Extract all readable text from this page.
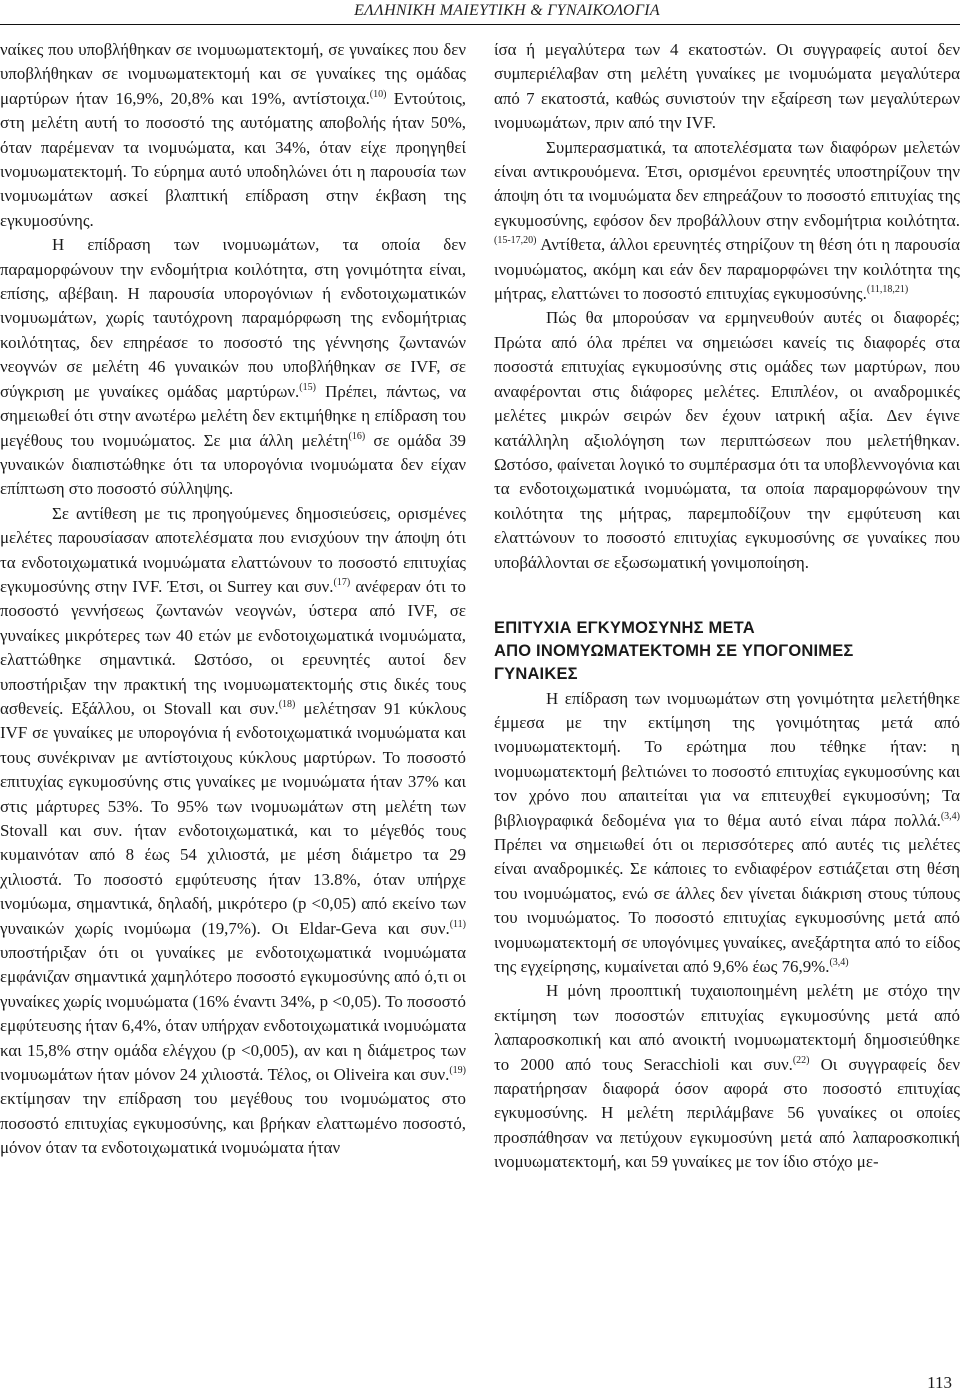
ΕΛΛΗΝΙΚΗ ΜΑΙΕΥΤΙΚΗ & ΓΥΝΑΙΚΟΛΟΓΙΑ

ναίκες που υποβλήθηκαν σε ινομυωματεκτομή, σε γυναίκες που δεν υποβλήθηκαν σε ινομυωματεκτομή και σε γυναίκες της ομάδας μαρτύρων ήταν 16,9%, 20,8% και 19%, αντίστοιχα.$^{(10)}$ Εντούτοις, στη μελέτη αυτή το ποσοστό της αυτόματης αποβολής ήταν 50%, όταν παρέμεναν τα ινομυώματα, και 34%, όταν είχε προηγηθεί ινομυωματεκτομή. Το εύρημα αυτό υποδηλώνει ότι η παρουσία των ινομυωμάτων ασκεί βλαπτική επίδραση στην έκβαση της εγκυμοσύνης.

Η επίδραση των ινομυωμάτων, τα οποία δεν παραμορφώνουν την ενδομήτρια κοιλότητα, στη γονιμότητα είναι, επίσης, αβέβαιη. Η παρουσία υπορογόνιων ή ενδοτοιχωματικών ινομυωμάτων, χωρίς ταυτόχρονη παραμόρφωση της ενδομήτριας κοιλότητας, δεν επηρέασε το ποσοστό της γέννησης ζωντανών νεογνών σε μελέτη 46 γυναικών που υποβλήθηκαν σε IVF, σε σύγκριση με γυναίκες ομάδας μαρτύρων.$^{(15)}$ Πρέπει, πάντως, να σημειωθεί ότι στην ανωτέρω μελέτη δεν εκτιμήθηκε η επίδραση του μεγέθους του ινομυώματος. Σε μια άλλη μελέτη$^{(16)}$ σε ομάδα 39 γυναικών διαπιστώθηκε ότι τα υπορογόνια ινομυώματα δεν είχαν επίπτωση στο ποσοστό σύλληψης.

Σε αντίθεση με τις προηγούμενες δημοσιεύσεις, ορισμένες μελέτες παρουσίασαν αποτελέσματα που ενισχύουν την άποψη ότι τα ενδοτοιχωματικά ινομυώματα ελαττώνουν το ποσοστό επιτυχίας εγκυμοσύνης στην IVF. Έτσι, οι Surrey και συν.$^{(17)}$ ανέφεραν ότι το ποσοστό γεννήσεως ζωντανών νεογνών, ύστερα από IVF, σε γυναίκες μικρότερες των 40 ετών με ενδοτοιχωματικά ινομυώματα, ελαττώθηκε σημαντικά. Ωστόσο, οι ερευνητές αυτοί δεν υποστήριξαν την πρακτική της ινομυωματεκτομής στις δικές τους ασθενείς. Εξάλλου, οι Stovall και συν.$^{(18)}$ μελέτησαν 91 κύκλους IVF σε γυναίκες με υπορογόνια ή ενδοτοιχωματικά ινομυώματα και τους συνέκριναν με αντίστοιχους κύκλους μαρτύρων. Το ποσοστό επιτυχίας εγκυμοσύνης στις γυναίκες με ινομυώματα ήταν 37% και στις μάρτυρες 53%. Το 95% των ινομυωμάτων στη μελέτη των Stovall και συν. ήταν ενδοτοιχωματικά, και το μέγεθός τους κυμαινόταν από 8 έως 54 χιλιοστά, με μέση διάμετρο τα 29 χιλιοστά. Το ποσοστό εμφύτευσης ήταν 13.8%, όταν υπήρχε ινομύωμα, σημαντικά, δηλαδή, μικρότερο (p <0,05) από εκείνο των γυναικών χωρίς ινομύωμα (19,7%). Οι Eldar-Geva και συν.$^{(11)}$ υποστήριξαν ότι οι γυναίκες με ενδοτοιχωματικά ινομυώματα εμφάνιζαν σημαντικά χαμηλότερο ποσοστό εγκυμοσύνης από ό,τι οι γυναίκες χωρίς ινομυώματα (16% έναντι 34%, p <0,05). Το ποσοστό εμφύτευσης ήταν 6,4%, όταν υπήρχαν ενδοτοιχωματικά ινομυώματα και 15,8% στην ομάδα ελέγχου (p <0,005), αν και η διάμετρος των ινομυωμάτων ήταν μόνον 24 χιλιοστά. Τέλος, οι Oliveira και συν.$^{(19)}$ εκτίμησαν την επίδραση του μεγέθους του ινομυώματος στο ποσοστό επιτυχίας εγκυμοσύνης, και βρήκαν ελαττωμένο ποσοστό, μόνον όταν τα ενδοτοιχωματικά ινομυώματα ήταν

ίσα ή μεγαλύτερα των 4 εκατοστών. Οι συγγραφείς αυτοί δεν συμπεριέλαβαν στη μελέτη γυναίκες με ινομυώματα μεγαλύτερα από 7 εκατοστά, καθώς συνιστούν την εξαίρεση των μεγαλύτερων ινομυωμάτων, πριν από την IVF.

Συμπερασματικά, τα αποτελέσματα των διαφόρων μελετών είναι αντικρουόμενα. Έτσι, ορισμένοι ερευνητές υποστηρίζουν την άποψη ότι τα ινομυώματα δεν επηρεάζουν το ποσοστό επιτυχίας της εγκυμοσύνης, εφόσον δεν προβάλλουν στην ενδομήτρια κοιλότητα.$^{(15-17,20)}$ Αντίθετα, άλλοι ερευνητές στηρίζουν τη θέση ότι η παρουσία ινομυώματος, ακόμη και εάν δεν παραμορφώνει την κοιλότητα της μήτρας, ελαττώνει το ποσοστό επιτυχίας εγκυμοσύνης.$^{(11,18,21)}$

Πώς θα μπορούσαν να ερμηνευθούν αυτές οι διαφορές; Πρώτα από όλα πρέπει να σημειώσει κανείς τις διαφορές στα ποσοστά επιτυχίας εγκυμοσύνης στις ομάδες των μαρτύρων, που αναφέρονται στις διάφορες μελέτες. Επιπλέον, οι αναδρομικές μελέτες μικρών σειρών δεν έχουν ιατρική αξία. Δεν έγινε κατάλληλη αξιολόγηση των περιπτώσεων που μελετήθηκαν. Ωστόσο, φαίνεται λογικό το συμπέρασμα ότι τα υποβλεννογόνια και τα ενδοτοιχωματικά ινομυώματα, τα οποία παραμορφώνουν την κοιλότητα της μήτρας, παρεμποδίζουν την εμφύτευση και ελαττώνουν το ποσοστό επιτυχίας εγκυμοσύνης σε γυναίκες που υποβάλλονται σε εξωσωματική γονιμοποίηση.

ΕΠΙΤΥΧΙΑ ΕΓΚΥΜΟΣΥΝΗΣ ΜΕΤΑ
ΑΠΟ ΙΝΟΜΥΩΜΑΤΕΚΤΟΜΗ ΣΕ ΥΠΟΓΟΝΙΜΕΣ
ΓΥΝΑΙΚΕΣ

Η επίδραση των ινομυωμάτων στη γονιμότητα μελετήθηκε έμμεσα με την εκτίμηση της γονιμότητας μετά από ινομυωματεκτομή. Το ερώτημα που τέθηκε ήταν: η ινομυωματεκτομή βελτιώνει το ποσοστό επιτυχίας εγκυμοσύνης και τον χρόνο που απαιτείται για να επιτευχθεί εγκυμοσύνη; Τα βιβλιογραφικά δεδομένα για το θέμα αυτό είναι πάρα πολλά.$^{(3,4)}$ Πρέπει να σημειωθεί ότι οι περισσότερες από αυτές τις μελέτες είναι αναδρομικές. Σε κάποιες το ενδιαφέρον εστιάζεται στη θέση του ινομυώματος, ενώ σε άλλες δεν γίνεται διάκριση στους τύπους του ινομυώματος. Το ποσοστό επιτυχίας εγκυμοσύνης μετά από ινομυωματεκτομή σε υπογόνιμες γυναίκες, ανεξάρτητα από το είδος της εγχείρησης, κυμαίνεται από 9,6% έως 76,9%.$^{(3,4)}$

Η μόνη προοπτική τυχαιοποιημένη μελέτη με στόχο την εκτίμηση των ποσοστών επιτυχίας εγκυμοσύνης μετά από λαπαροσκοπική και από ανοικτή ινομυωματεκτομή δημοσιεύθηκε το 2000 από τους Seracchioli και συν.$^{(22)}$ Οι συγγραφείς δεν παρατήρησαν διαφορά όσον αφορά στο ποσοστό επιτυχίας εγκυμοσύνης. Η μελέτη περιλάμβανε 56 γυναίκες οι οποίες προσπάθησαν να πετύχουν εγκυμοσύνη μετά από λαπαροσκοπική ινομυωματεκτομή, και 59 γυναίκες με τον ίδιο στόχο με-

113
